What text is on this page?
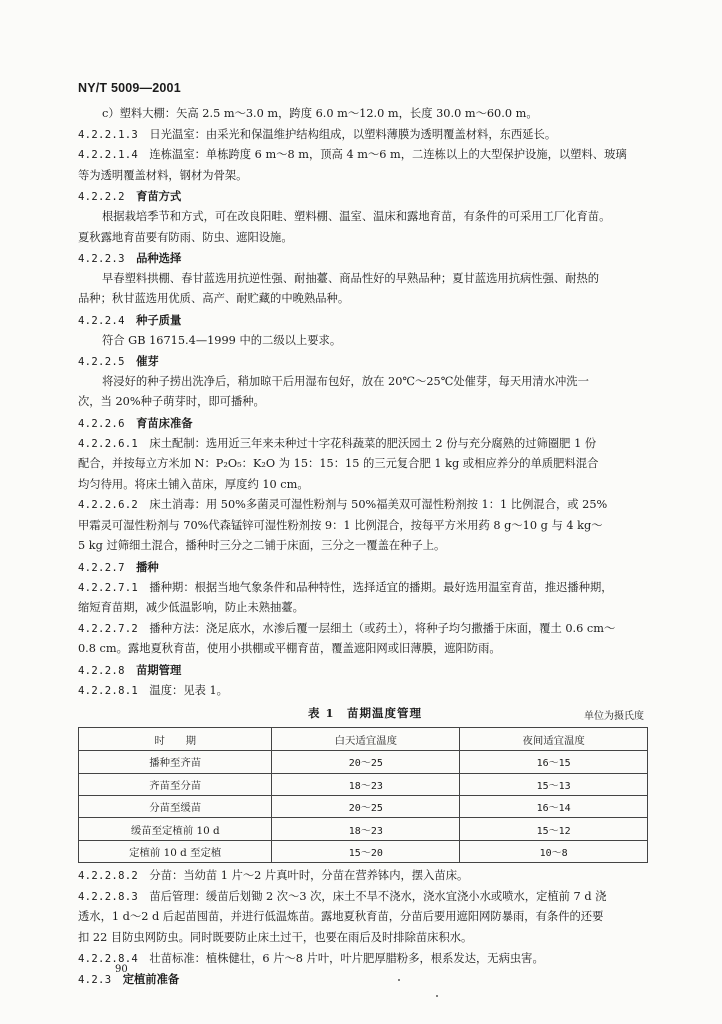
NY/T 5009—2001
c）塑料大棚：矢高 2.5 m～3.0 m，跨度 6.0 m～12.0 m，长度 30.0 m～60.0 m。
4.2.2.1.3　 日光温室：由采光和保温维护结构组成，以塑料薄膜为透明覆盖材料，东西延长。
4.2.2.1.4　 连栋温室：单栋跨度 6 m～8 m，顶高 4 m～6 m，二连栋以上的大型保护设施，以塑料、玻璃
等为透明覆盖材料，钢材为骨架。
4.2.2.2　 育苗方式
根据栽培季节和方式，可在改良阳畦、塑料棚、温室、温床和露地育苗，有条件的可采用工厂化育苗。
夏秋露地育苗要有防雨、防虫、遮阳设施。
4.2.2.3　 品种选择
早春塑料拱棚、春甘蓝选用抗逆性强、耐抽薹、商品性好的早熟品种；夏甘蓝选用抗病性强、耐热的
品种；秋甘蓝选用优质、高产、耐贮藏的中晚熟品种。
4.2.2.4　 种子质量
符合 GB 16715.4—1999 中的二级以上要求。
4.2.2.5　 催芽
将浸好的种子捞出洗净后，稍加晾干后用湿布包好，放在 20℃～25℃处催芽，每天用清水冲洗一
次，当 20%种子萌芽时，即可播种。
4.2.2.6　 育苗床准备
4.2.2.6.1　 床土配制：选用近三年来未种过十字花科蔬菜的肥沃园土 2 份与充分腐熟的过筛圈肥 1 份
配合，并按每立方米加 N：P₂O₅：K₂O 为 15：15：15 的三元复合肥 1 kg 或相应养分的单质肥料混合
均匀待用。将床土铺入苗床，厚度约 10 cm。
4.2.2.6.2　 床土消毒：用 50%多菌灵可湿性粉剂与 50%福美双可湿性粉剂按 1：1 比例混合，或 25%
甲霜灵可湿性粉剂与 70%代森锰锌可湿性粉剂按 9：1 比例混合，按每平方米用药 8 g～10 g 与 4 kg～
5 kg 过筛细土混合，播种时三分之二铺于床面，三分之一覆盖在种子上。
4.2.2.7　 播种
4.2.2.7.1　 播种期：根据当地气象条件和品种特性，选择适宜的播期。最好选用温室育苗，推迟播种期，
缩短育苗期，减少低温影响，防止未熟抽薹。
4.2.2.7.2　 播种方法：浇足底水，水渗后覆一层细土（或药土），将种子均匀撒播于床面，覆土 0.6 cm～
0.8 cm。露地夏秋育苗，使用小拱棚或平棚育苗，覆盖遮阳网或旧薄膜，遮阳防雨。
4.2.2.8　 苗期管理
4.2.2.8.1　 温度：见表 1。
表 1　苗期温度管理	单位为摄氏度
时　　期	白天适宜温度	夜间适宜温度
播种至齐苗	20～25	16～15
齐苗至分苗	18～23	15～13
分苗至缓苗	20～25	16～14
缓苗至定植前 10 d	18～23	15～12
定植前 10 d 至定植	15～20	10～8
4.2.2.8.2　 分苗：当幼苗 1 片～2 片真叶时，分苗在营养钵内，摆入苗床。
4.2.2.8.3　 苗后管理：缓苗后划锄 2 次～3 次，床土不旱不浇水，浇水宜浇小水或喷水，定植前 7 d 浇
透水，1 d～2 d 后起苗囤苗，并进行低温炼苗。露地夏秋育苗，分苗后要用遮阳网防暴雨，有条件的还要
扣 22 目防虫网防虫。同时既要防止床土过干，也要在雨后及时排除苗床积水。
4.2.2.8.4　 壮苗标准：植株健壮，6 片～8 片叶，叶片肥厚腊粉多，根系发达，无病虫害。
4.2.3　 定植前准备
90
